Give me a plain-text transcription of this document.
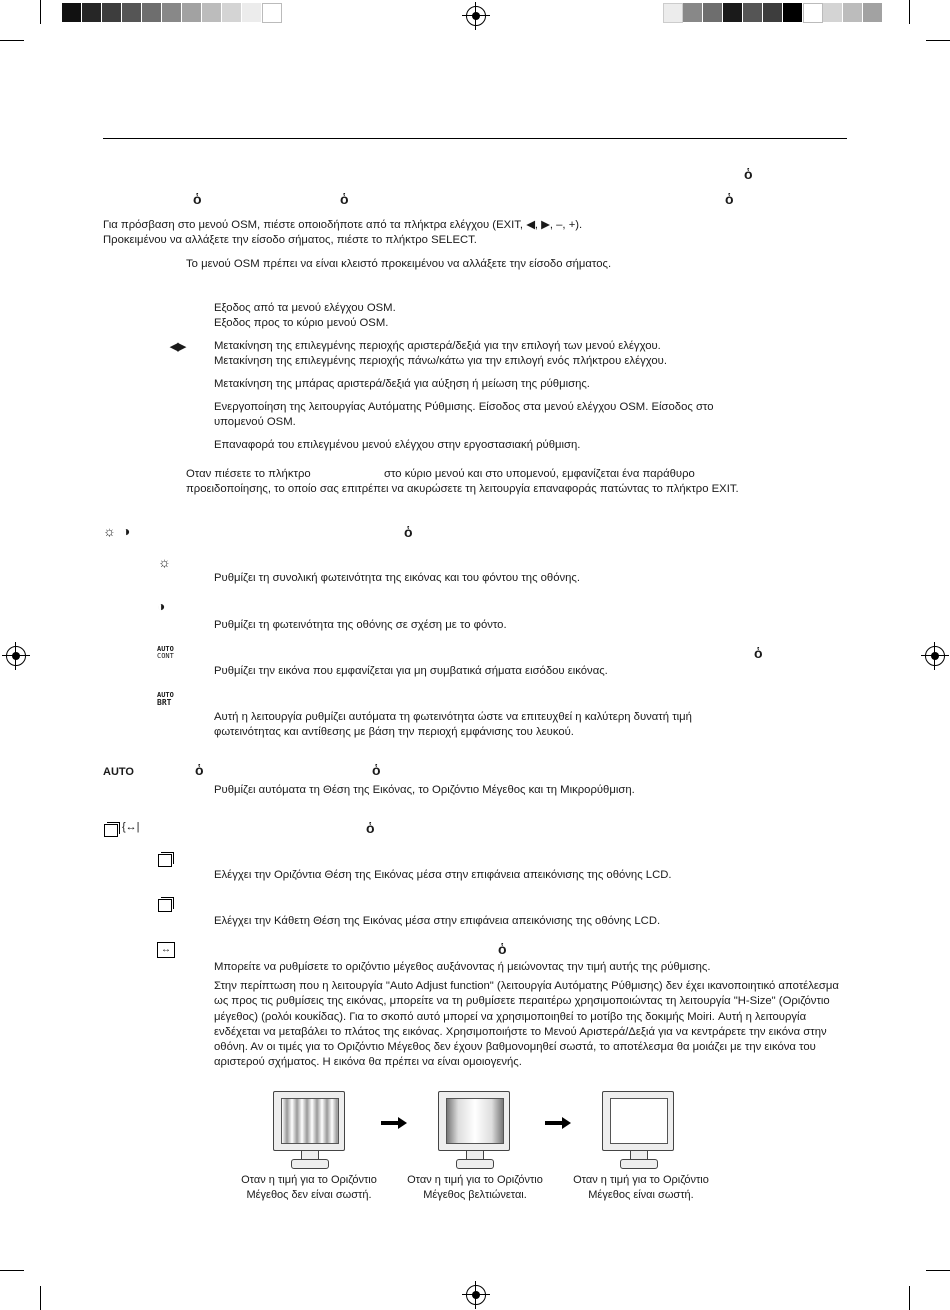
ὁ
ὁ	ὁ	ὁ
Για πρόσβαση στο μενού OSM, πιέστε οποιοδήποτε από τα πλήκτρα ελέγχου (EXIT, ◀, ▶, –, +).
Προκειμένου να αλλάξετε την είσοδο σήματος, πιέστε το πλήκτρο SELECT.
Το μενού OSM πρέπει να είναι κλειστό προκειμένου να αλλάξετε την είσοδο σήματος.
Εξοδος από τα μενού ελέγχου OSM.
Εξοδος προς το κύριο μενού OSM.
◀ ▶	Μετακίνηση της επιλεγμένης περιοχής αριστερά/δεξιά για την επιλογή των μενού ελέγχου.
Μετακίνηση της επιλεγμένης περιοχής πάνω/κάτω για την επιλογή ενός πλήκτρου ελέγχου.
Μετακίνηση της μπάρας αριστερά/δεξιά για αύξηση ή μείωση της ρύθμισης.
Ενεργοποίηση της λειτουργίας Αυτόματης Ρύθμισης. Είσοδος στα μενού ελέγχου OSM. Είσοδος στο
υπομενού OSM.
Επαναφορά του επιλεγμένου μενού ελέγχου στην εργοστασιακή ρύθμιση.
Οταν πιέσετε το πλήκτρο	στο κύριο μενού και στο υπομενού, εμφανίζεται ένα παράθυρο
προειδοποίησης, το οποίο σας επιτρέπει να ακυρώσετε τη λειτουργία επαναφοράς πατώντας το πλήκτρο EXIT.
☼ ◑	ὁ
☼
Ρυθμίζει τη συνολική φωτεινότητα της εικόνας και του φόντου της οθόνης.
◑
Ρυθμίζει τη φωτεινότητα της οθόνης σε σχέση με το φόντο.
AUTO
CONT	ὁ
Ρυθμίζει την εικόνα που εμφανίζεται για μη συμβατικά σήματα εισόδου εικόνας.
AUTO
BRT
Αυτή η λειτουργία ρυθμίζει αυτόματα τη φωτεινότητα ώστε να επιτευχθεί η καλύτερη δυνατή τιμή
φωτεινότητας και αντίθεσης με βάση την περιοχή εμφάνισης του λευκού.
AUTO	ὁ	ὁ
Ρυθμίζει αυτόματα τη Θέση της Εικόνας, το Οριζόντιο Μέγεθος και τη Μικρορύθμιση.
{↔|	ὁ
Ελέγχει την Οριζόντια Θέση της Εικόνας μέσα στην επιφάνεια απεικόνισης της οθόνης LCD.
Ελέγχει την Κάθετη Θέση της Εικόνας μέσα στην επιφάνεια απεικόνισης της οθόνης LCD.
↔	ὁ
Μπορείτε να ρυθμίσετε το οριζόντιο μέγεθος αυξάνοντας ή μειώνοντας την τιμή αυτής της ρύθμισης.
Στην περίπτωση που η λειτουργία "Auto Adjust function" (λειτουργία Αυτόματης Ρύθμισης) δεν έχει ικανοποιητικό αποτέλεσμα ως προς τις ρυθμίσεις της εικόνας, μπορείτε να τη ρυθμίσετε περαιτέρω χρησιμοποιώντας τη λειτουργία "H-Size" (Οριζόντιο μέγεθος) (ρολόι κουκίδας). Για το σκοπό αυτό μπορεί να χρησιμοποιηθεί το μοτίβο της δοκιμής Moiri. Αυτή η λειτουργία ενδέχεται να μεταβάλει το πλάτος της εικόνας. Χρησιμοποιήστε το Μενού Αριστερά/Δεξιά για να κεντράρετε την εικόνα στην οθόνη. Αν οι τιμές για το Οριζόντιο Μέγεθος δεν έχουν βαθμονομηθεί σωστά, το αποτέλεσμα θα μοιάζει με την εικόνα του αριστερού σχήματος. Η εικόνα θα πρέπει να είναι ομοιογενής.
Οταν η τιμή για το Οριζόντιο
Μέγεθος δεν είναι σωστή.
Οταν η τιμή για το Οριζόντιο
Μέγεθος βελτιώνεται.
Οταν η τιμή για το Οριζόντιο
Μέγεθος είναι σωστή.
